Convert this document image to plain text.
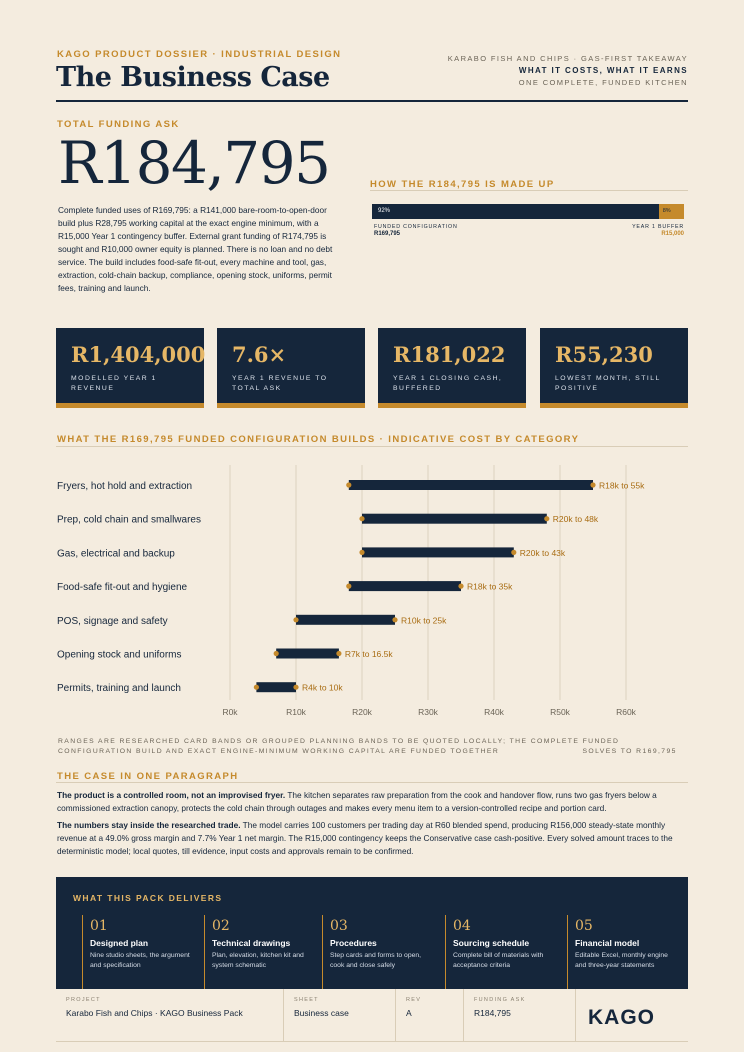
KAGO PRODUCT DOSSIER · INDUSTRIAL DESIGN
The Business Case
KARABO FISH AND CHIPS · GAS-FIRST TAKEAWAY
WHAT IT COSTS, WHAT IT EARNS
ONE COMPLETE, FUNDED KITCHEN
TOTAL FUNDING ASK
R184,795
Complete funded uses of R169,795: a R141,000 bare-room-to-open-door build plus R28,795 working capital at the exact engine minimum, with a R15,000 Year 1 contingency buffer. External grant funding of R174,795 is sought and R10,000 owner equity is planned. There is no loan and no debt service. The build includes food-safe fit-out, every machine and tool, gas, extraction, cold-chain backup, compliance, opening stock, uniforms, permit fees, training and launch.
HOW THE R184,795 IS MADE UP
92%	8%
FUNDED CONFIGURATION
R169,795
YEAR 1 BUFFER
R15,000
R1,404,000
MODELLED YEAR 1 REVENUE
7.6×
YEAR 1 REVENUE TO TOTAL ASK
R181,022
YEAR 1 CLOSING CASH, BUFFERED
R55,230
LOWEST MONTH, STILL POSITIVE
WHAT THE R169,795 FUNDED CONFIGURATION BUILDS · INDICATIVE COST BY CATEGORY
R0k	R10k	R20k	R30k	R40k	R50k	R60k
Fryers, hot hold and extraction	R18k to 55k
Prep, cold chain and smallwares	R20k to 48k
Gas, electrical and backup	R20k to 43k
Food-safe fit-out and hygiene	R18k to 35k
POS, signage and safety	R10k to 25k
Opening stock and uniforms	R7k to 16.5k
Permits, training and launch	R4k to 10k
RANGES ARE RESEARCHED CARD BANDS OR GROUPED PLANNING BANDS TO BE QUOTED LOCALLY; THE COMPLETE FUNDED CONFIGURATION BUILD AND EXACT ENGINE-MINIMUM WORKING CAPITAL ARE FUNDED TOGETHER	SOLVES TO R169,795
THE CASE IN ONE PARAGRAPH
The product is a controlled room, not an improvised fryer. The kitchen separates raw preparation from the cook and handover flow, runs two gas fryers below a commissioned extraction canopy, protects the cold chain through outages and makes every menu item to a version-controlled recipe and portion card.
The numbers stay inside the researched trade. The model carries 100 customers per trading day at R60 blended spend, producing R156,000 steady-state monthly revenue at a 49.0% gross margin and 7.7% Year 1 net margin. The R15,000 contingency keeps the Conservative case cash-positive. Every solved amount traces to the deterministic model; local quotes, till evidence, input costs and approvals remain to be confirmed.
WHAT THIS PACK DELIVERS
01
Designed plan
Nine studio sheets, the argument and specification
02
Technical drawings
Plan, elevation, kitchen kit and system schematic
03
Procedures
Step cards and forms to open, cook and close safely
04
Sourcing schedule
Complete bill of materials with acceptance criteria
05
Financial model
Editable Excel, monthly engine and three-year statements
PROJECT
Karabo Fish and Chips · KAGO Business Pack
SHEET
Business case
REV
A
FUNDING ASK
R184,795	KAGO
